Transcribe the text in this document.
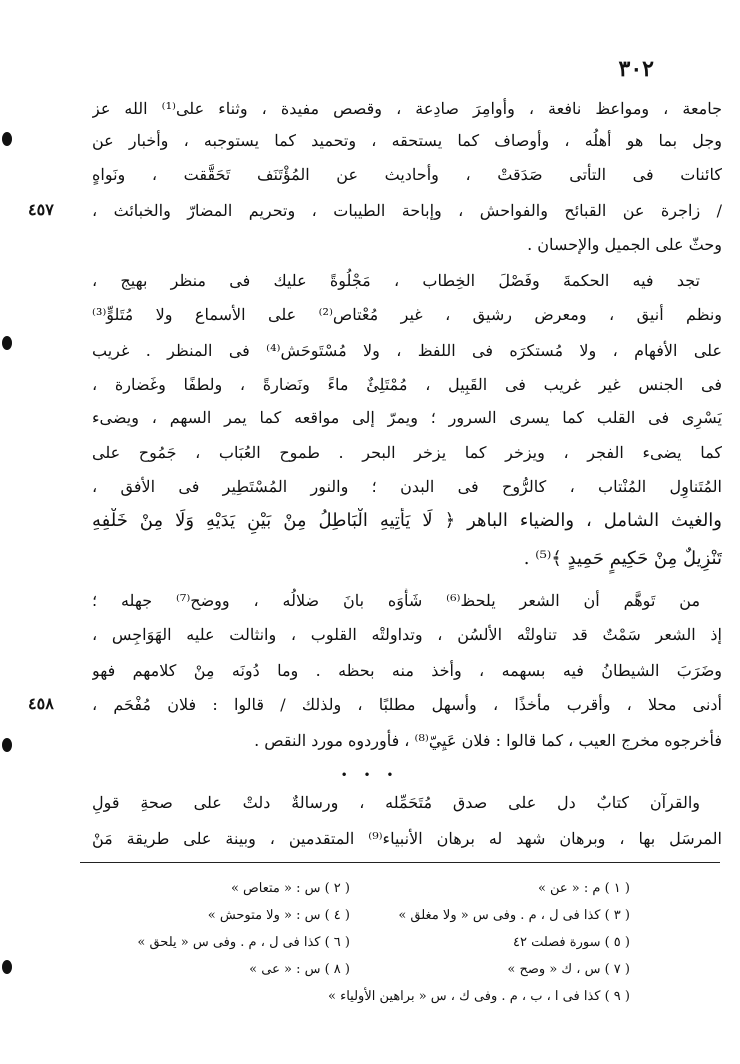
٣٠٢
جامعة ، ومواعظ نافعة ، وأوامِرَ صادِعة ، وقصص مفيدة ، وثناء على⁽¹⁾ الله عز
وجل بما هو أهلُه ، وأوصاف كما يستحقه ، وتحميد كما يستوجبه ، وأخبار عن
كائنات فى التأتى صَدَقتْ ، وأحاديث عن المُؤْتَنَف تَحَقَّقت ، ونَواهٍ
/ زاجرة عن القبائح والفواحش ، وإباحة الطيبات ، وتحريم المضارّ والخبائث ،
٤٥٧
وحثّ على الجميل والإحسان .
تجد فيه الحكمةَ وفَصْلَ الخِطاب ، مَجْلُوةً عليك فى منظر بهيج ،
ونظم أنيق ، ومعرض رشيق ، غير مُعْتاص⁽²⁾ على الأسماع ولا مُتَلوٍّ⁽³⁾
على الأفهام ، ولا مُستكرَه فى اللفظ ، ولا مُسْتَوحَش⁽⁴⁾ فى المنظر . غريب
فى الجنس غير غريب فى القَبِيل ، مُمْتَلِئٌ ماءً ونَضارةً ، ولطفًا وغَضارة ،
يَسْرِى فى القلب كما يسرى السرور ؛ ويمرّ إلى مواقعه كما يمر السهم ، ويضىء
كما يضىء الفجر ، ويزخر كما يزخر البحر . طموح العُبَاب ، جَمُوح على
المُتَناوِل المُنْتاب ، كالرُّوح فى البدن ؛ والنور المُسْتَطِير فى الأفق ،
والغيث الشامل ، والضياء الباهر ﴿ لَا يَأْتِيهِ الْبَاطِلُ مِنْ بَيْنِ يَدَيْهِ وَلَا مِنْ خَلْفِهِ
تَنْزِيلٌ مِنْ حَكِيمٍ حَمِيدٍ ﴾⁽⁵⁾ .
من تَوهَّم أن الشعر يلحظ⁽⁶⁾ شَأْوَه بانَ ضلالُه ، ووضح⁽⁷⁾ جهله ؛
إذ الشعر سَمْتٌ قد تناولتْه الألسُن ، وتداولتْه القلوب ، وانثالت عليه الهَوَاجِس ،
وضَرَبَ الشيطانُ فيه بسهمه ، وأخذ منه بحظه . وما دُونَه مِنْ كلامهم فهو
أدنى محلا ، وأقرب مأخذًا ، وأسهل مطلبًا ، ولذلك / قالوا : فلان مُفْحَم ،
٤٥٨
فأخرجوه مخرج العيب ، كما قالوا : فلان عَيِيّ⁽⁸⁾ ، فأوردوه مورد النقص .
• • •
والقرآن كتابٌ دل على صدق مُتَحَمِّله ، ورسالةٌ دلتْ على صحةِ قولِ
المرسَل بها ، وبرهان شهد له برهان الأنبياء⁽⁹⁾ المتقدمين ، وبينة على طريقة مَنْ
( ١ ) م : « عن »
( ٣ ) كذا فى ل ، م . وفى س « ولا مغلق »
( ٥ ) سورة فصلت ٤٢
( ٧ ) س ، ك « وصح »
( ٩ ) كذا فى ا ، ب ، م . وفى ك ، س « براهين الأولياء »
( ٢ ) س : « متعاص »
( ٤ ) س : « ولا متوحش »
( ٦ ) كذا فى ل ، م . وفى س « يلحق »
( ٨ ) س : « عى »
